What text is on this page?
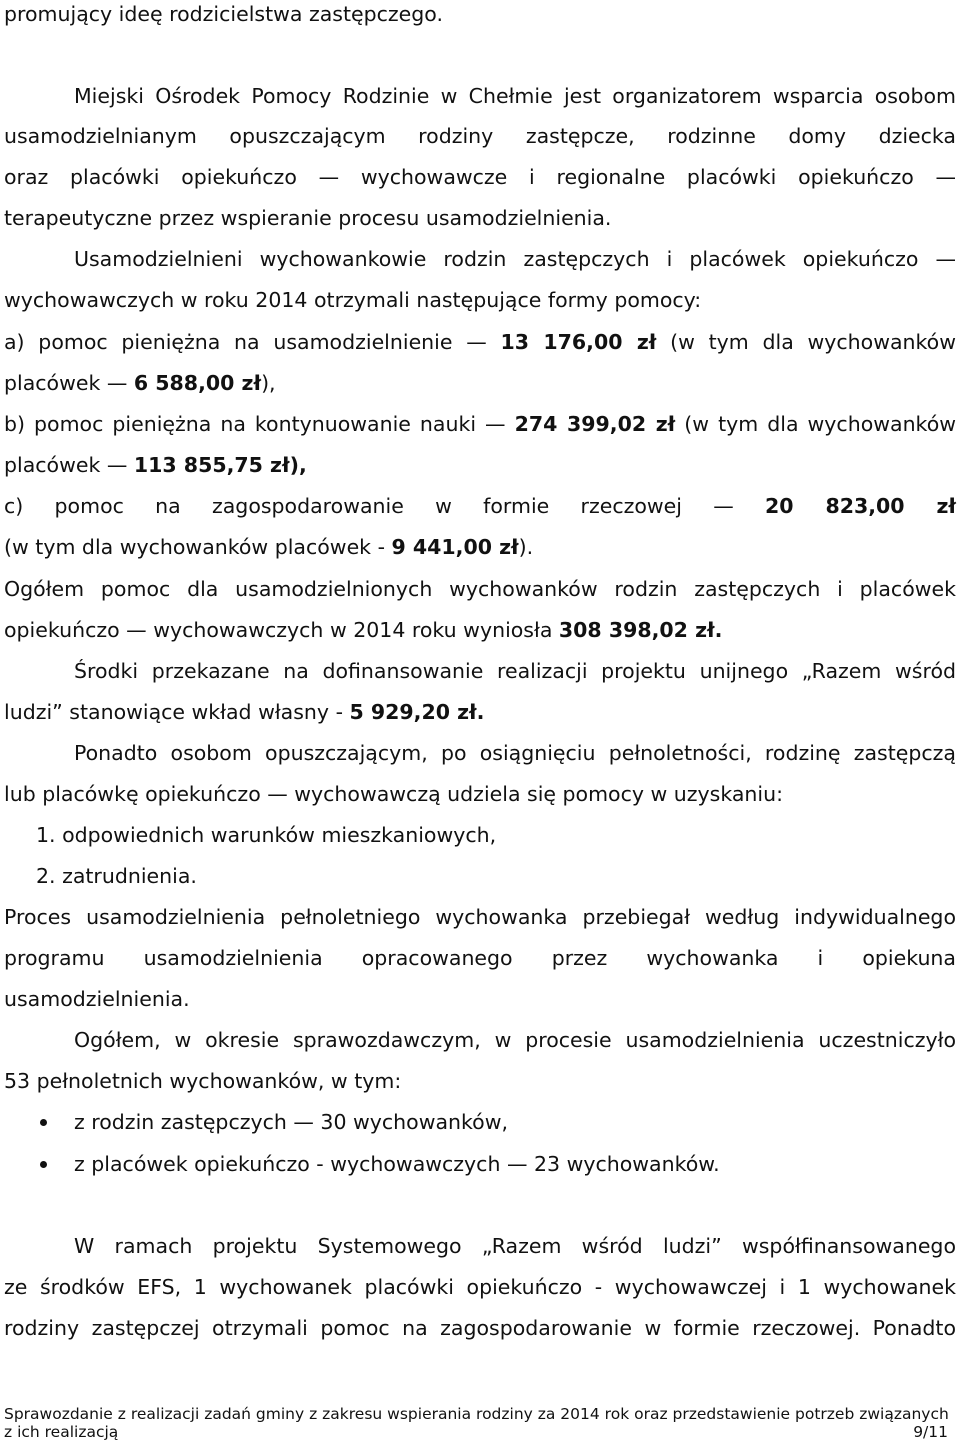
promujący ideę rodzicielstwa zastępczego.
Miejski Ośrodek Pomocy Rodzinie w Chełmie jest organizatorem wsparcia osobom
usamodzielnianym opuszczającym rodziny zastępcze, rodzinne domy dziecka
oraz placówki opiekuńczo — wychowawcze i regionalne placówki opiekuńczo —
terapeutyczne przez wspieranie procesu usamodzielnienia.
Usamodzielnieni wychowankowie rodzin zastępczych i placówek opiekuńczo —
wychowawczych w roku 2014 otrzymali następujące formy pomocy:
a) pomoc pieniężna na usamodzielnienie — 13 176,00 zł (w tym dla wychowanków
placówek — 6 588,00 zł),
b) pomoc pieniężna na kontynuowanie nauki — 274 399,02 zł (w tym dla wychowanków
placówek — 113 855,75 zł),
c) pomoc na zagospodarowanie w formie rzeczowej — 20 823,00 zł
(w tym dla wychowanków placówek - 9 441,00 zł).
Ogółem pomoc dla usamodzielnionych wychowanków rodzin zastępczych i placówek
opiekuńczo — wychowawczych w 2014 roku wyniosła 308 398,02 zł.
Środki przekazane na dofinansowanie realizacji projektu unijnego „Razem wśród
ludzi” stanowiące wkład własny - 5 929,20 zł.
Ponadto osobom opuszczającym, po osiągnięciu pełnoletności, rodzinę zastępczą
lub placówkę opiekuńczo — wychowawczą udziela się pomocy w uzyskaniu:
1. odpowiednich warunków mieszkaniowych,
2. zatrudnienia.
Proces usamodzielnienia pełnoletniego wychowanka przebiegał według indywidualnego
programu usamodzielnienia opracowanego przez wychowanka i opiekuna
usamodzielnienia.
Ogółem, w okresie sprawozdawczym, w procesie usamodzielnienia uczestniczyło
53 pełnoletnich wychowanków, w tym:
z rodzin zastępczych — 30 wychowanków,
z placówek opiekuńczo - wychowawczych — 23 wychowanków.
W ramach projektu Systemowego „Razem wśród ludzi” współfinansowanego
ze środków EFS, 1 wychowanek placówki opiekuńczo - wychowawczej i 1 wychowanek
rodziny zastępczej otrzymali pomoc na zagospodarowanie w formie rzeczowej. Ponadto
Sprawozdanie z realizacji zadań gminy z zakresu wspierania rodziny za 2014 rok oraz przedstawienie potrzeb związanych
z ich realizacją	9/11
